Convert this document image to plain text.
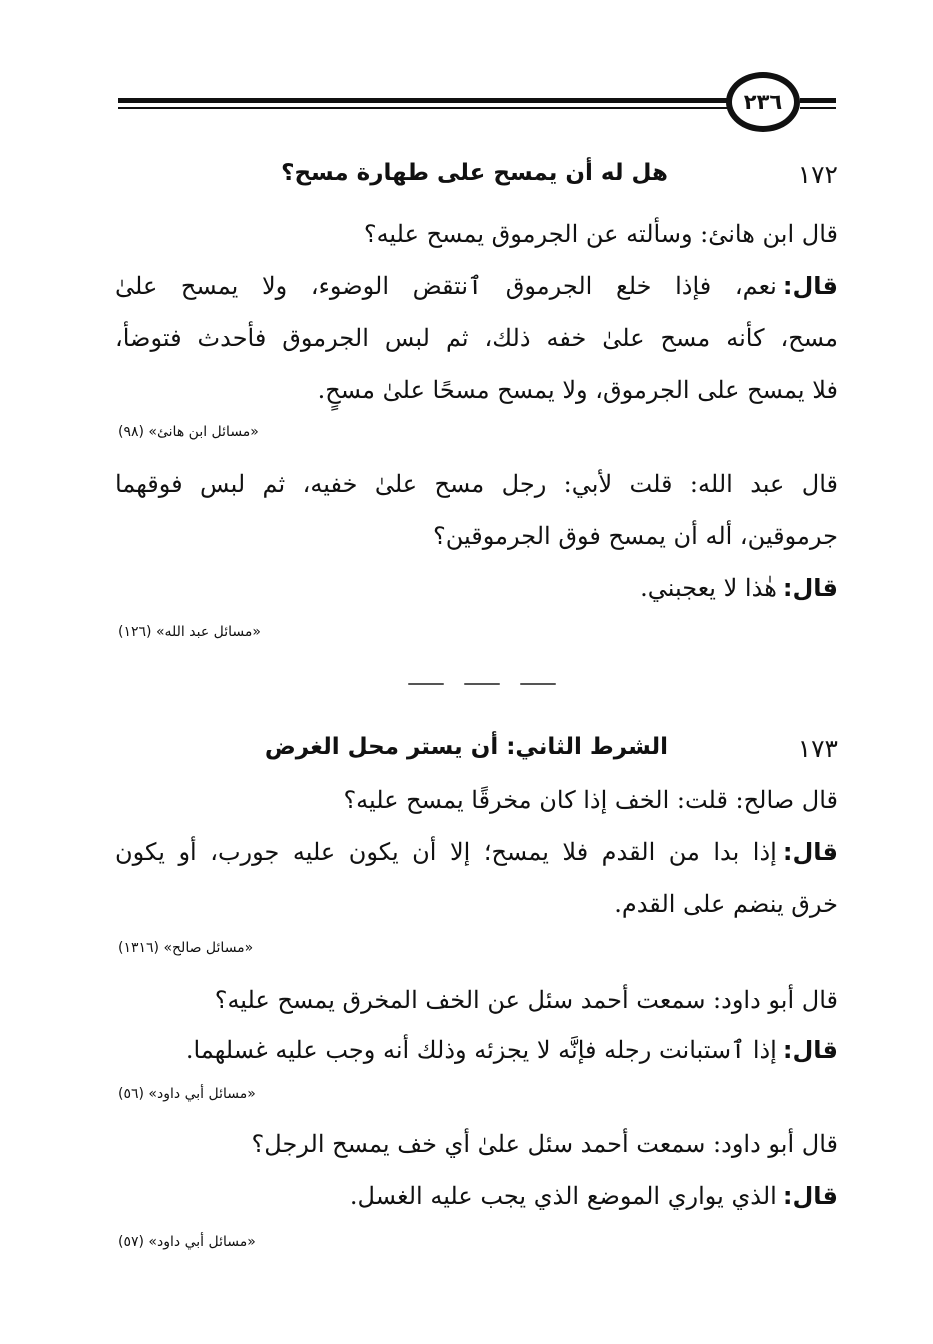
٢٣٦
١٧٢
هل له أن يمسح على طهارة مسح؟
قال ابن هانئ: وسألته عن الجرموق يمسح عليه؟
قال:نعم، فإذا خلع الجرموق ٱنتقض الوضوء، ولا يمسح علىٰ
مسح، كأنه مسح علىٰ خفه ذلك، ثم لبس الجرموق فأحدث فتوضأ،
فلا يمسح على الجرموق، ولا يمسح مسحًا علىٰ مسحٍ.
«مسائل ابن هانئ» (٩٨)
قال عبد الله: قلت لأبي: رجل مسح علىٰ خفيه، ثم لبس فوقهما
جرموقين، أله أن يمسح فوق الجرموقين؟
قال:هٰذا لا يعجبني.
«مسائل عبد الله» (١٢٦)
١٧٣
الشرط الثاني: أن يستر محل الغرض
قال صالح: قلت: الخف إذا كان مخرقًا يمسح عليه؟
قال:إذا بدا من القدم فلا يمسح؛ إلا أن يكون عليه جورب، أو يكون
خرق ينضم على القدم.
«مسائل صالح» (١٣١٦)
قال أبو داود: سمعت أحمد سئل عن الخف المخرق يمسح عليه؟
قال:إذا ٱستبانت رجله فإنَّه لا يجزئه وذلك أنه وجب عليه غسلهما.
«مسائل أبي داود» (٥٦)
قال أبو داود: سمعت أحمد سئل علىٰ أي خف يمسح الرجل؟
قال:الذي يواري الموضع الذي يجب عليه الغسل.
«مسائل أبي داود» (٥٧)
